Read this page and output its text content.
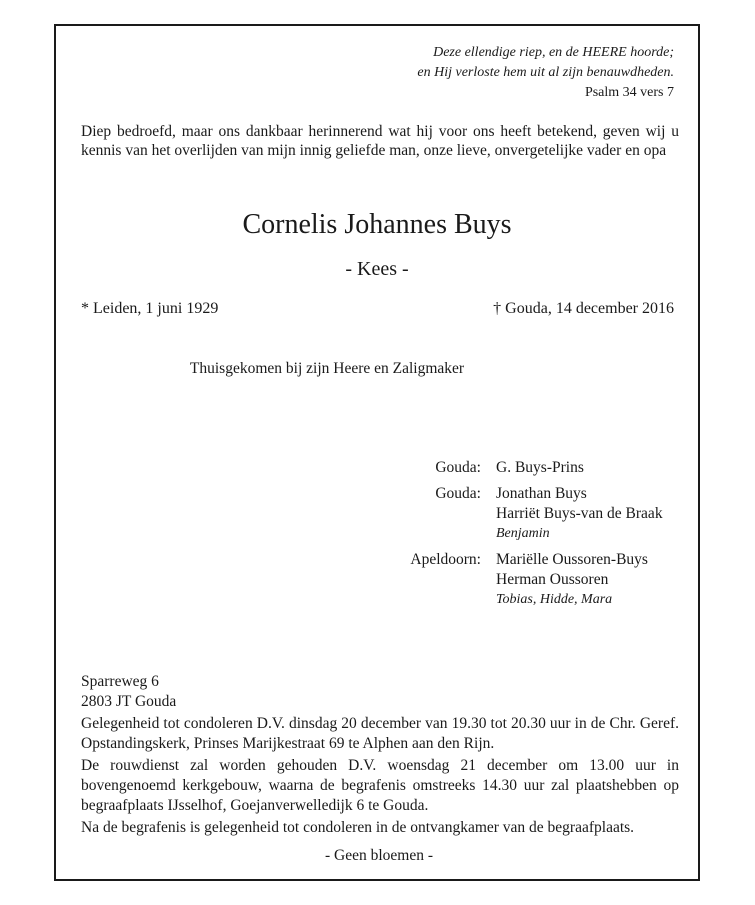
Deze ellendige riep, en de HEERE hoorde;
en Hij verloste hem uit al zijn benauwdheden.
Psalm 34 vers 7
Diep bedroefd, maar ons dankbaar herinnerend wat hij voor ons heeft betekend, geven wij u kennis van het overlijden van mijn innig geliefde man, onze lieve, onvergetelijke vader en opa
Cornelis Johannes Buys
- Kees -
* Leiden, 1 juni 1929	† Gouda, 14 december 2016
Thuisgekomen bij zijn Heere en Zaligmaker
Gouda: G. Buys-Prins
Gouda: Jonathan Buys
Harriët Buys-van de Braak
Benjamin
Apeldoorn: Mariëlle Oussoren-Buys
Herman Oussoren
Tobias, Hidde, Mara
Sparreweg 6
2803 JT Gouda

Gelegenheid tot condoleren D.V. dinsdag 20 december van 19.30 tot 20.30 uur in de Chr. Geref. Opstandingskerk, Prinses Marijkestraat 69 te Alphen aan den Rijn.

De rouwdienst zal worden gehouden D.V. woensdag 21 december om 13.00 uur in bovengenoemd kerkgebouw, waarna de begrafenis omstreeks 14.30 uur zal plaatshebben op begraafplaats IJsselhof, Goejanverwelledijk 6 te Gouda.

Na de begrafenis is gelegenheid tot condoleren in de ontvangkamer van de begraafplaats.

- Geen bloemen -
